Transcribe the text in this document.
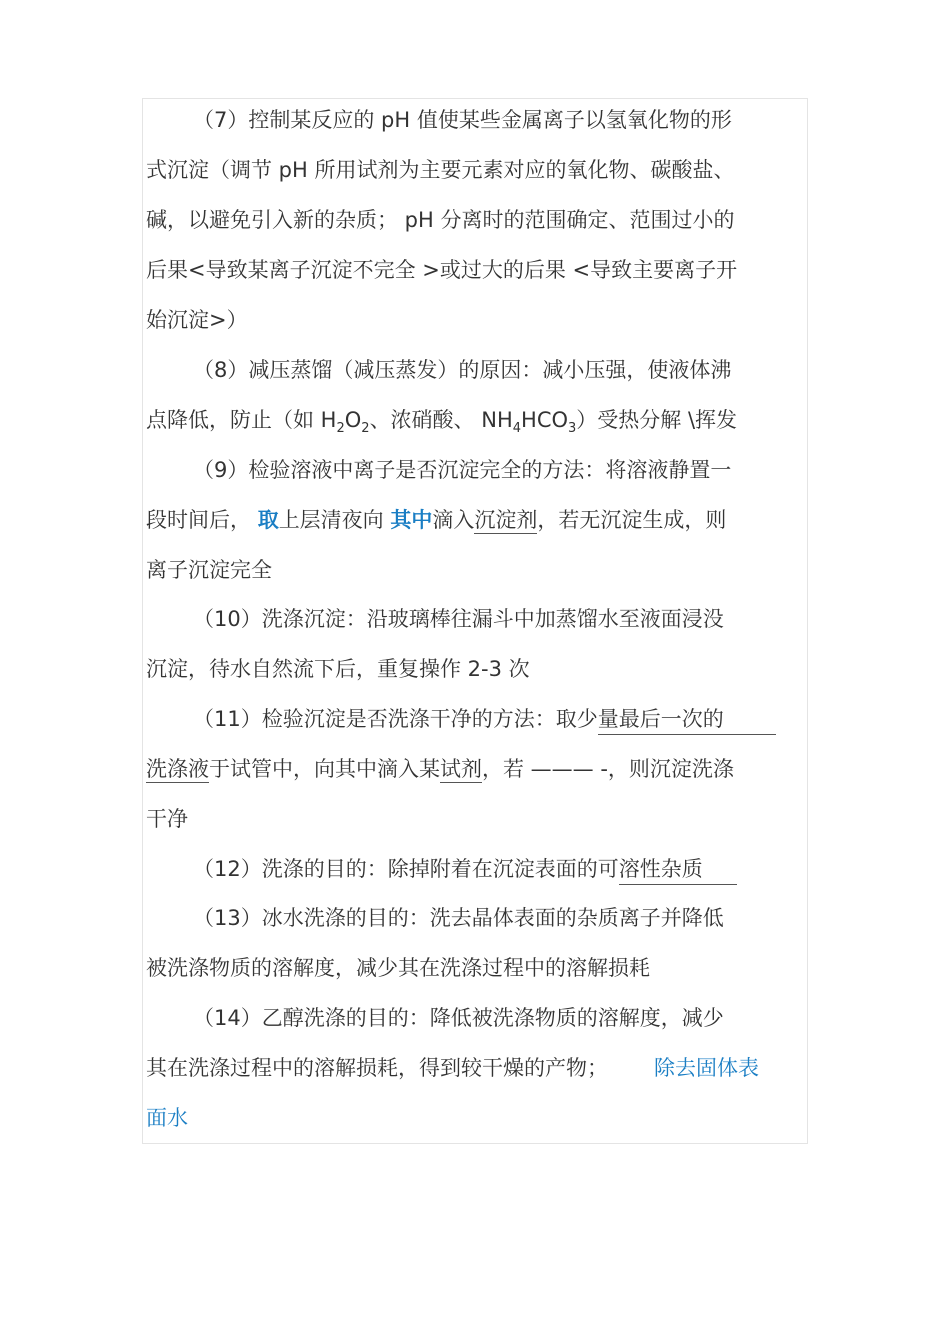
（7）控制某反应的 pH 值使某些金属离子以氢氧化物的形
式沉淀（调节 pH 所用试剂为主要元素对应的氧化物、碳酸盐、
碱，以避免引入新的杂质； pH 分离时的范围确定、范围过小的
后果<导致某离子沉淀不完全 >或过大的后果 <导致主要离子开
始沉淀>）
（8）减压蒸馏（减压蒸发）的原因：减小压强，使液体沸
点降低，防止（如 $H_2O_2$、浓硝酸、 $NH_4HCO_3$）受热分解 \挥发
（9）检验溶液中离子是否沉淀完全的方法：将溶液静置一
段时间后， 取上层清夜向 其中滴入沉淀剂，若无沉淀生成，则
离子沉淀完全
（10）洗涤沉淀：沿玻璃棒往漏斗中加蒸馏水至液面浸没
沉淀，待水自然流下后，重复操作 2-3 次
（11）检验沉淀是否洗涤干净的方法：取少量最后一次的
洗涤液于试管中，向其中滴入某试剂，若 ——— -，则沉淀洗涤
干净
（12）洗涤的目的：除掉附着在沉淀表面的可溶性杂质
（13）冰水洗涤的目的：洗去晶体表面的杂质离子并降低
被洗涤物质的溶解度，减少其在洗涤过程中的溶解损耗
（14）乙醇洗涤的目的：降低被洗涤物质的溶解度，减少
其在洗涤过程中的溶解损耗，得到较干燥的产物； 除去固体表
面水
